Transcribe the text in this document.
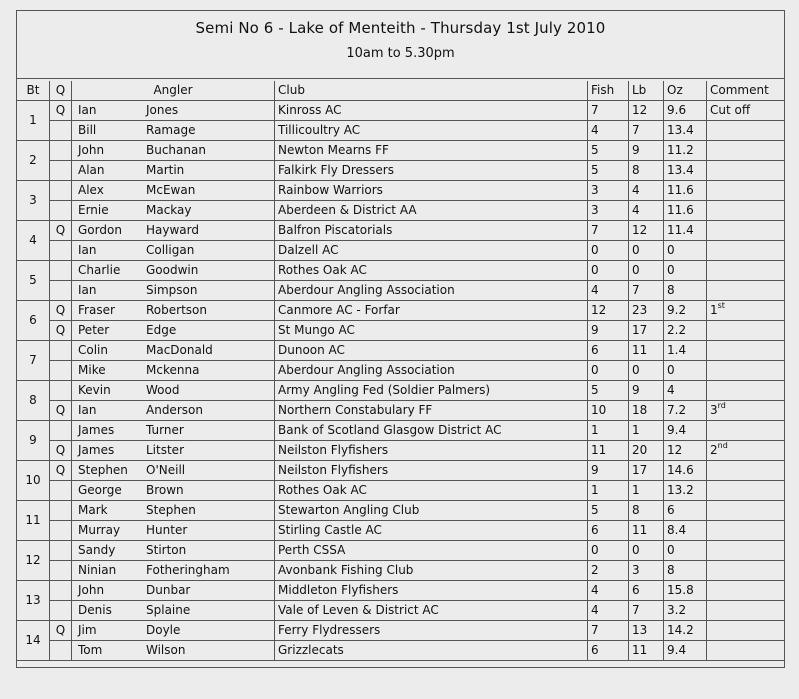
Semi No 6 - Lake of Menteith - Thursday 1st July 2010
10am to 5.30pm
Bt	Q	Angler	Club	Fish	Lb	Oz	Comment
1	Q	Ian Jones	Kinross AC	7	12	9.6	Cut off
		Bill Ramage	Tillicoultry AC	4	7	13.4	
2		John Buchanan	Newton Mearns FF	5	9	11.2	
		Alan Martin	Falkirk Fly Dressers	5	8	13.4	
3		Alex McEwan	Rainbow Warriors	3	4	11.6	
		Ernie Mackay	Aberdeen & District AA	3	4	11.6	
4	Q	Gordon Hayward	Balfron Piscatorials	7	12	11.4	
		Ian Colligan	Dalzell AC	0	0	0	
5		Charlie Goodwin	Rothes Oak AC	0	0	0	
		Ian Simpson	Aberdour Angling Association	4	7	8	
6	Q	Fraser Robertson	Canmore AC - Forfar	12	23	9.2	1st
	Q	Peter Edge	St Mungo AC	9	17	2.2	
7		Colin MacDonald	Dunoon AC	6	11	1.4	
		Mike Mckenna	Aberdour Angling Association	0	0	0	
8		Kevin Wood	Army Angling Fed (Soldier Palmers)	5	9	4	
	Q	Ian Anderson	Northern Constabulary FF	10	18	7.2	3rd
9		James Turner	Bank of Scotland Glasgow District AC	1	1	9.4	
	Q	James Litster	Neilston Flyfishers	11	20	12	2nd
10	Q	Stephen O'Neill	Neilston Flyfishers	9	17	14.6	
		George Brown	Rothes Oak AC	1	1	13.2	
11		Mark Stephen	Stewarton Angling Club	5	8	6	
		Murray Hunter	Stirling Castle AC	6	11	8.4	
12		Sandy Stirton	Perth CSSA	0	0	0	
		Ninian Fotheringham	Avonbank Fishing Club	2	3	8	
13		John Dunbar	Middleton Flyfishers	4	6	15.8	
		Denis Splaine	Vale of Leven & District AC	4	7	3.2	
14	Q	Jim Doyle	Ferry Flydressers	7	13	14.2	
		Tom Wilson	Grizzlecats	6	11	9.4	
